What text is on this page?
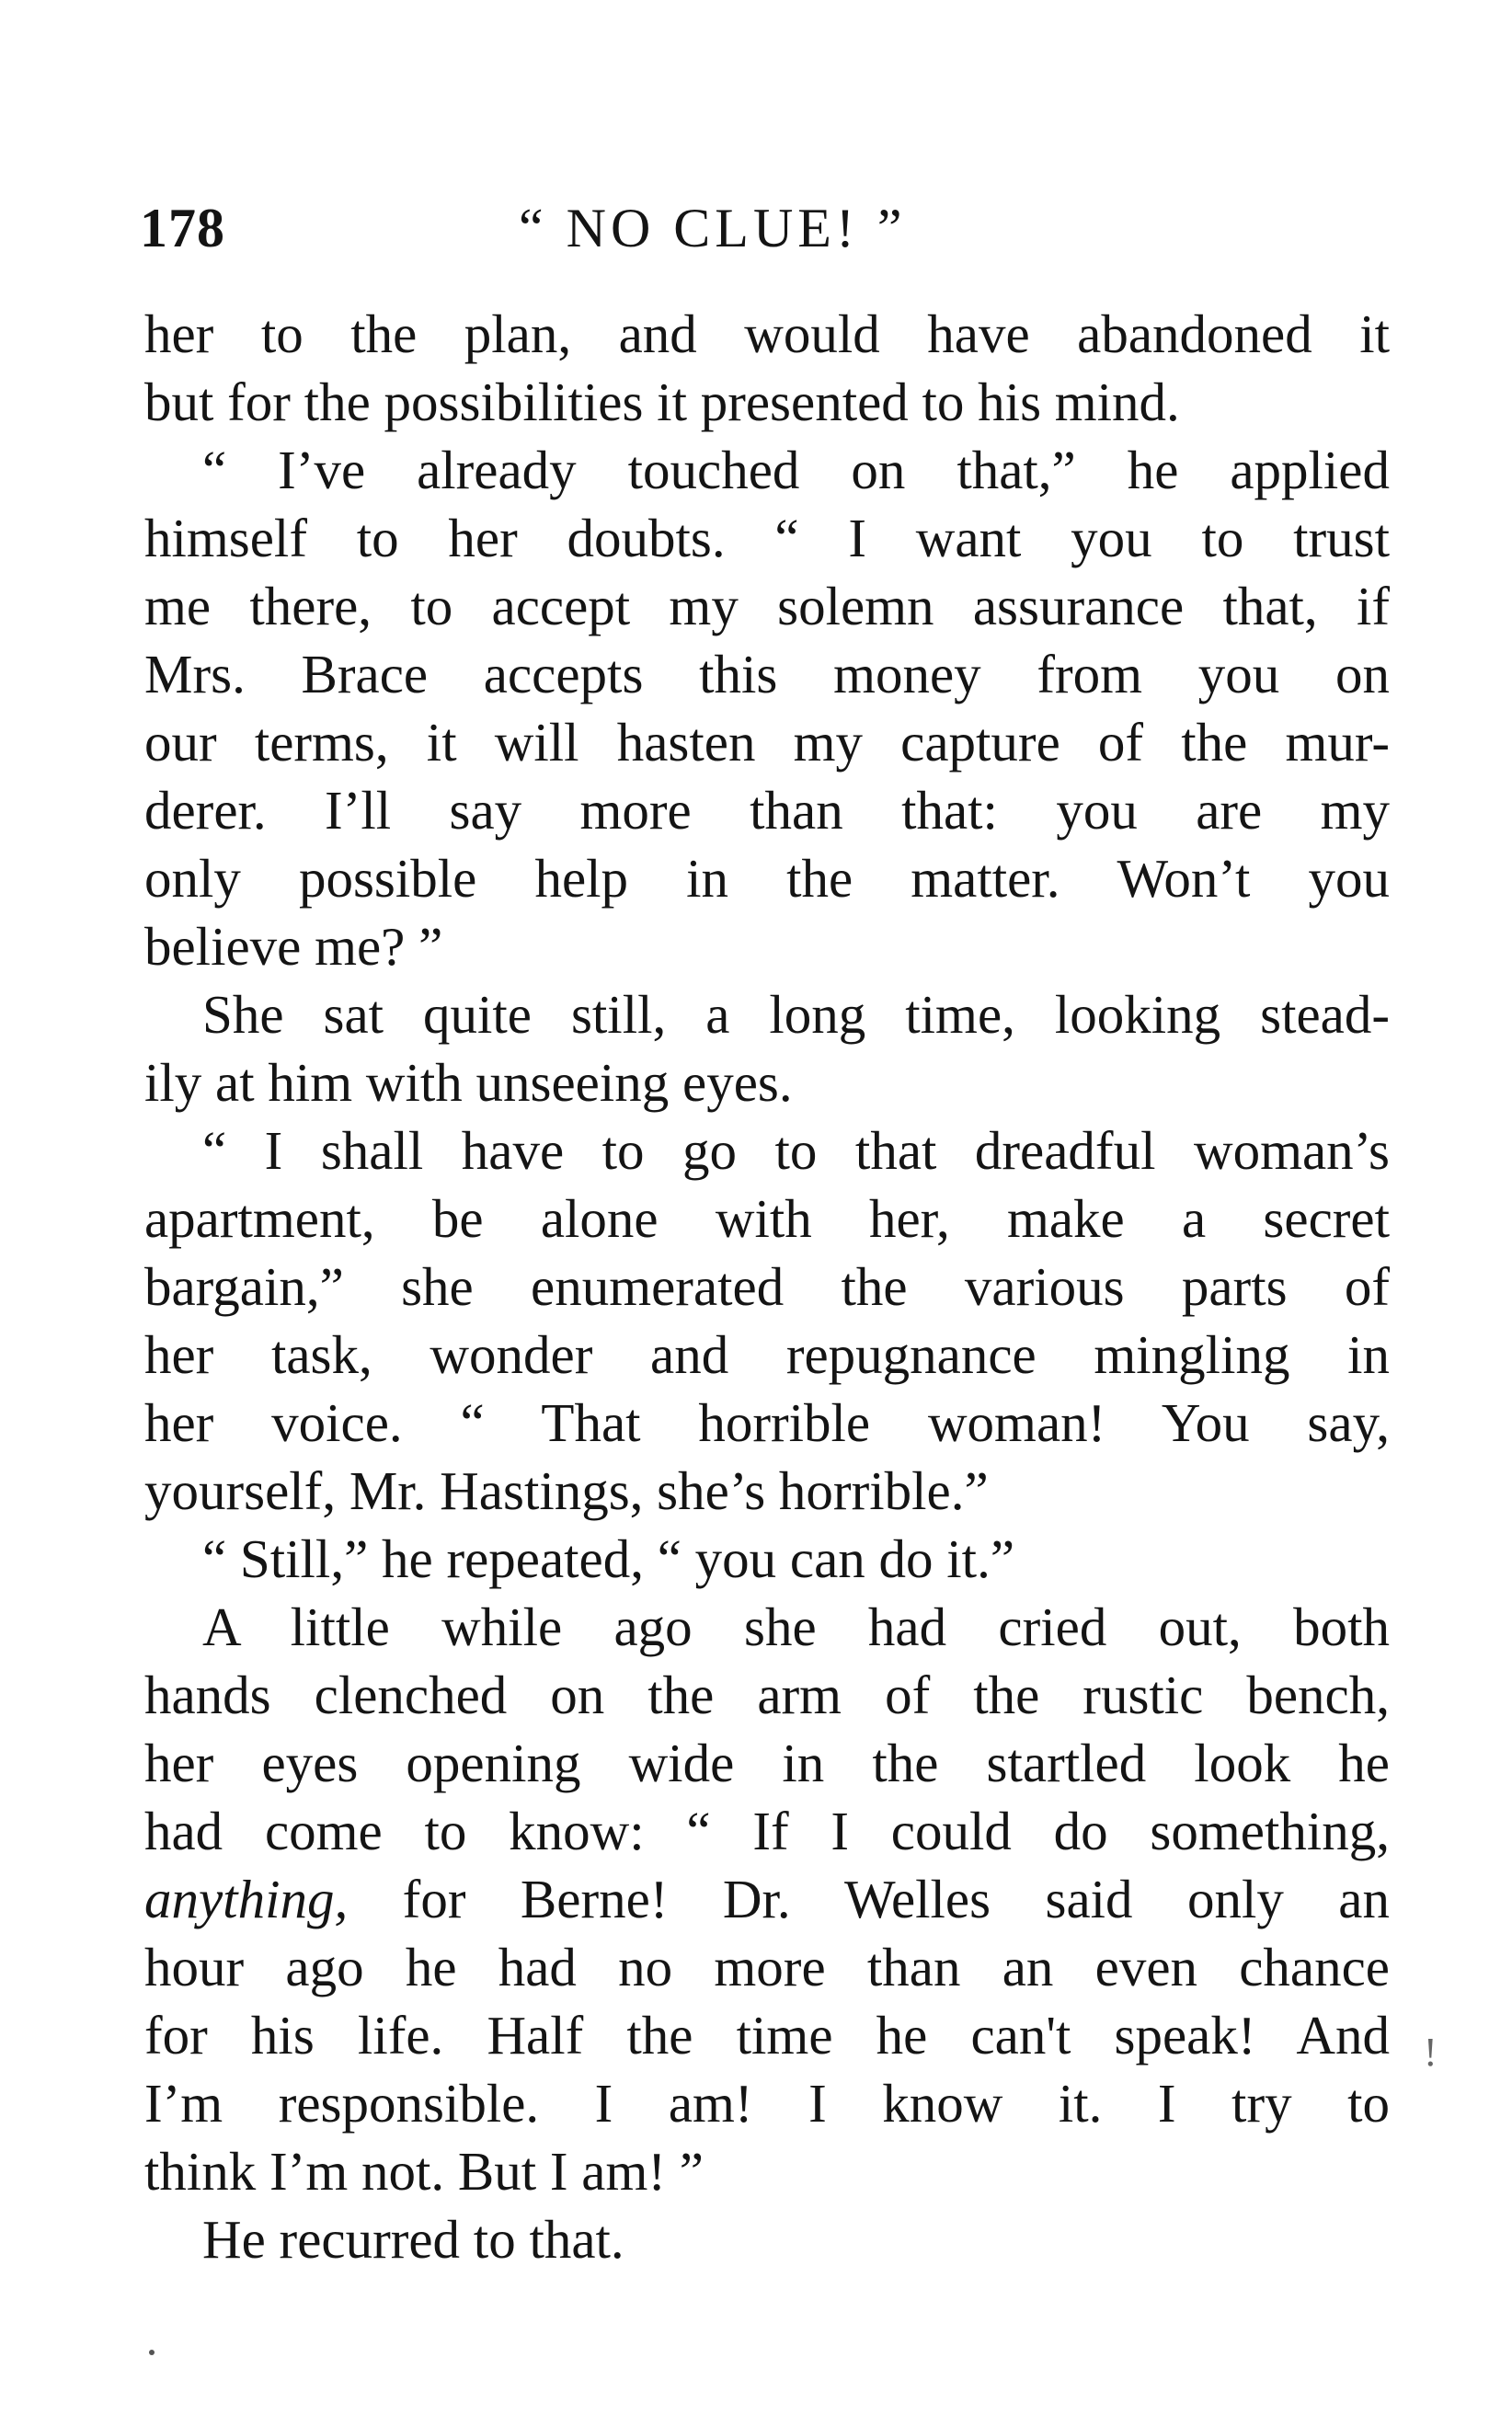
178	“ NO CLUE! ”
her to the plan, and would have abandoned it
but for the possibilities it presented to his mind.
“ I’ve already touched on that,” he applied
himself to her doubts. “ I want you to trust
me there, to accept my solemn assurance that, if
Mrs. Brace accepts this money from you on
our terms, it will hasten my capture of the mur-
derer. I’ll say more than that: you are my
only possible help in the matter. Won’t you
believe me? ”
She sat quite still, a long time, looking stead-
ily at him with unseeing eyes.
“ I shall have to go to that dreadful woman’s
apartment, be alone with her, make a secret
bargain,” she enumerated the various parts of
her task, wonder and repugnance mingling in
her voice. “ That horrible woman! You say,
yourself, Mr. Hastings, she’s horrible.”
“ Still,” he repeated, “ you can do it.”
A little while ago she had cried out, both
hands clenched on the arm of the rustic bench,
her eyes opening wide in the startled look he
had come to know: “ If I could do something,
anything, for Berne! Dr. Welles said only an
hour ago he had no more than an even chance
for his life. Half the time he can't speak! And
I’m responsible. I am! I know it. I try to
think I’m not. But I am! ”
He recurred to that.
!
